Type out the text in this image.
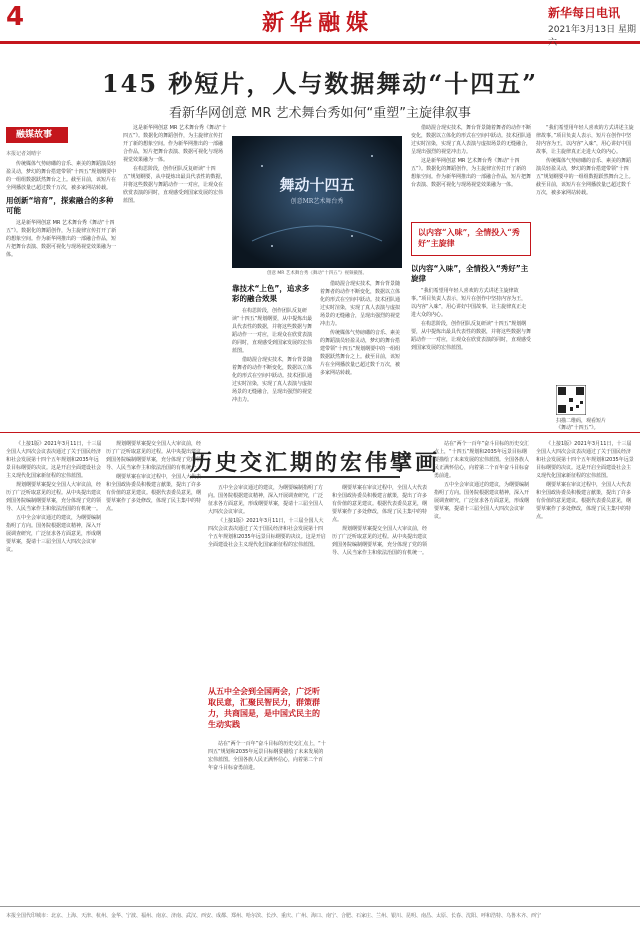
4	新华融媒	新华每日电讯
2021年3月13日 星期六
145 秒短片，人与数据舞动“十四五”
看新华网创意 MR 艺术舞台秀如何“重塑”主旋律叙事
融媒故事
本报记者刘晴宇

传统媒体气势磅礴的音乐、素美的舞蹈演员轻盈灵动，梦幻的舞台搭建带领“十四五”规划纲要中的一组组数据跃然舞台之上。截至目前，该短片在全网播放量已超过数千万次，被多家网站转载。

用创新“培育”，探索融合的多种可能

这是新华网创意 MR 艺术舞台秀《舞动“十四五”》。数据化的舞蹈创作，为主旋律宣传打开了新的想象空间。作为新华网推出的一部融合作品，短片把舞台表演、数据可视化与现场视觉效果融为一体。

这是新华网创意 MR 艺术舞台秀《舞动“十四五”》。数据化的舞蹈创作，为主旋律宣传打开了新的想象空间。作为新华网推出的一部融合作品，短片把舞台表演、数据可视化与现场视觉效果融为一体。

在构思阶段，创作团队反复研读“十四五”规划纲要，从中提炼出最具代表性的数据，并将这些数据与舞蹈动作一一对应，让观众在欣赏表演的同时，直观感受到国家发展的宏伟蓝图。

舞动十四五
创意MR艺术舞台秀
创意 MR 艺术舞台秀《舞动“十四五”》视频截图。
靠技术“上色”，追求多彩的融合效果

在构思阶段，创作团队反复研读“十四五”规划纲要，从中提炼出最具代表性的数据，并将这些数据与舞蹈动作一一对应，让观众在欣赏表演的同时，直观感受到国家发展的宏伟蓝图。

借助混合现实技术，舞台背景随着舞者的动作不断变化，数据以立体化的形式在空间中跃动。技术团队通过实时渲染，实现了真人表演与虚拟场景的无缝融合，呈现出强烈的视觉冲击力。

借助混合现实技术，舞台背景随着舞者的动作不断变化，数据以立体化的形式在空间中跃动。技术团队通过实时渲染，实现了真人表演与虚拟场景的无缝融合，呈现出强烈的视觉冲击力。

传统媒体气势磅礴的音乐、素美的舞蹈演员轻盈灵动，梦幻的舞台搭建带领“十四五”规划纲要中的一组组数据跃然舞台之上。截至目前，该短片在全网播放量已超过数千万次，被多家网站转载。

借助混合现实技术，舞台背景随着舞者的动作不断变化，数据以立体化的形式在空间中跃动。技术团队通过实时渲染，实现了真人表演与虚拟场景的无缝融合，呈现出强烈的视觉冲击力。

这是新华网创意 MR 艺术舞台秀《舞动“十四五”》。数据化的舞蹈创作，为主旋律宣传打开了新的想象空间。作为新华网推出的一部融合作品，短片把舞台表演、数据可视化与现场视觉效果融为一体。

以内容“入味”，全情投入“秀好”主旋律
以内容“入味”，全情投入“秀好”主旋律

“我们希望用年轻人喜欢的方式讲述主旋律故事。”项目负责人表示，短片在创作中坚持内容为王，以内容“入味”，用心讲好中国故事，让主旋律真正走进大众的内心。

在构思阶段，创作团队反复研读“十四五”规划纲要，从中提炼出最具代表性的数据，并将这些数据与舞蹈动作一一对应，让观众在欣赏表演的同时，直观感受到国家发展的宏伟蓝图。

“我们希望用年轻人喜欢的方式讲述主旋律故事。”项目负责人表示，短片在创作中坚持内容为王，以内容“入味”，用心讲好中国故事，让主旋律真正走进大众的内心。

传统媒体气势磅礴的音乐、素美的舞蹈演员轻盈灵动，梦幻的舞台搭建带领“十四五”规划纲要中的一组组数据跃然舞台之上。截至目前，该短片在全网播放量已超过数千万次，被多家网站转载。

扫描二维码，观看短片《舞动“十四五”》。
历史交汇期的宏伟擘画

《上接1版》2021年3月11日，十三届全国人大四次会议表决通过了关于国民经济和社会发展第十四个五年规划和2035年远景目标纲要的决议。这是开启全面建设社会主义现代化国家新征程的宏伟蓝图。

规划纲要草案提交全国人大审议前，经历了广泛听取意见的过程。从中央提出建议到国务院编制纲要草案，充分体现了党的领导、人民当家作主和依法治国的有机统一。

五中全会审议通过的建议，为纲要编制指明了方向。国务院根据建议精神，深入开展调查研究，广泛征求各方面意见，形成纲要草案，提请十三届全国人大四次会议审议。

规划纲要草案提交全国人大审议前，经历了广泛听取意见的过程。从中央提出建议到国务院编制纲要草案，充分体现了党的领导、人民当家作主和依法治国的有机统一。

纲要草案在审议过程中，全国人大代表和全国政协委员积极建言献策，提出了许多有价值的意见建议。根据代表委员意见，纲要草案作了多处修改，体现了民主集中的特点。

五中全会审议通过的建议，为纲要编制指明了方向。国务院根据建议精神，深入开展调查研究，广泛征求各方面意见，形成纲要草案，提请十三届全国人大四次会议审议。

《上接1版》2021年3月11日，十三届全国人大四次会议表决通过了关于国民经济和社会发展第十四个五年规划和2035年远景目标纲要的决议。这是开启全面建设社会主义现代化国家新征程的宏伟蓝图。

从五中全会到全国两会，广泛听取民意，汇聚民智民力，群策群力，共商国是，是中国式民主的生动实践

站在“两个一百年”奋斗目标的历史交汇点上，“十四五”规划和2035年远景目标纲要描绘了未来发展的宏伟蓝图。全国各族人民正满怀信心，向着第二个百年奋斗目标奋勇前进。

纲要草案在审议过程中，全国人大代表和全国政协委员积极建言献策，提出了许多有价值的意见建议。根据代表委员意见，纲要草案作了多处修改，体现了民主集中的特点。

规划纲要草案提交全国人大审议前，经历了广泛听取意见的过程。从中央提出建议到国务院编制纲要草案，充分体现了党的领导、人民当家作主和依法治国的有机统一。

站在“两个一百年”奋斗目标的历史交汇点上，“十四五”规划和2035年远景目标纲要描绘了未来发展的宏伟蓝图。全国各族人民正满怀信心，向着第二个百年奋斗目标奋勇前进。

五中全会审议通过的建议，为纲要编制指明了方向。国务院根据建议精神，深入开展调查研究，广泛征求各方面意见，形成纲要草案，提请十三届全国人大四次会议审议。

《上接1版》2021年3月11日，十三届全国人大四次会议表决通过了关于国民经济和社会发展第十四个五年规划和2035年远景目标纲要的决议。这是开启全面建设社会主义现代化国家新征程的宏伟蓝图。

纲要草案在审议过程中，全国人大代表和全国政协委员积极建言献策，提出了许多有价值的意见建议。根据代表委员意见，纲要草案作了多处修改，体现了民主集中的特点。

本报全国代印城市：北京、上海、天津、杭州、金华、宁波、福州、南京、济南、武汉、西安、成都、郑州、哈尔滨、长沙、重庆、广州、海口、南宁、合肥、石家庄、兰州、银川、昆明、南昌、太原、长春、沈阳、呼和浩特、乌鲁木齐、西宁
